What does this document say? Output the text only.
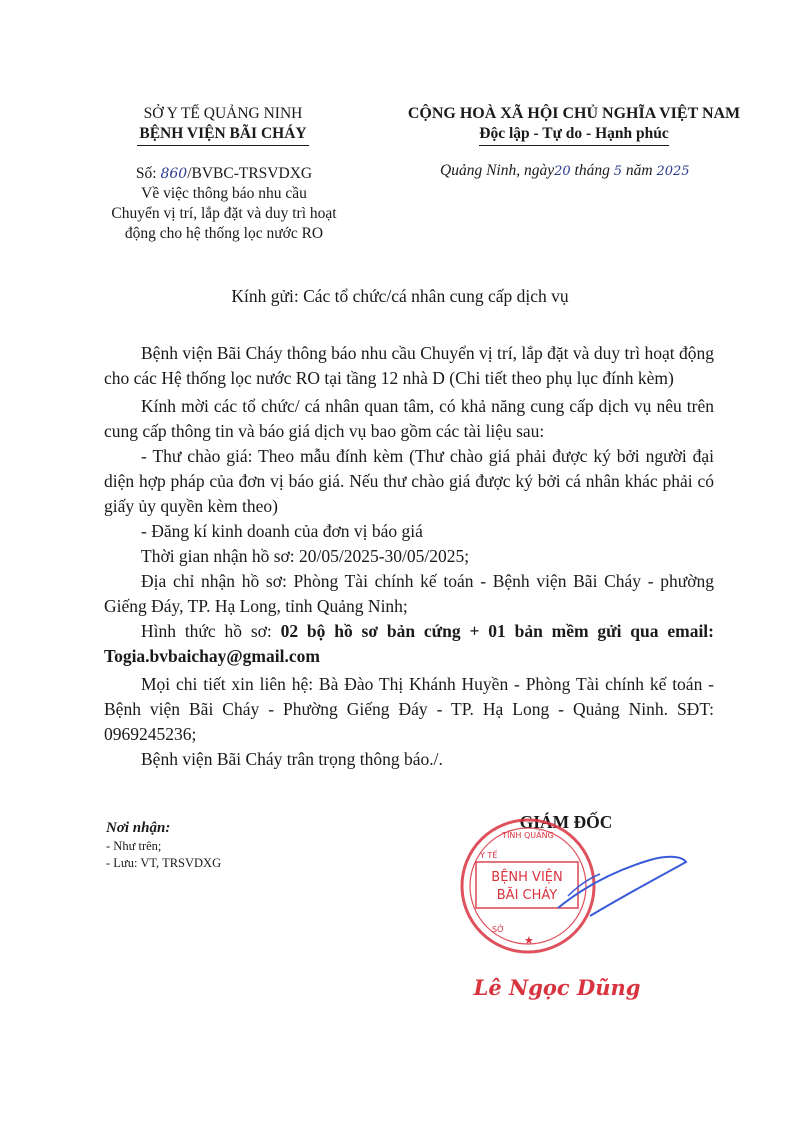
SỞ Y TẾ QUẢNG NINH
BỆNH VIỆN BÃI CHÁY
Số: 860/BVBC-TRSVDXG
Về việc thông báo nhu cầu
Chuyển vị trí, lắp đặt và duy trì hoạt
động cho hệ thống lọc nước RO
CỘNG HOÀ XÃ HỘI CHỦ NGHĨA VIỆT NAM
Độc lập - Tự do - Hạnh phúc
Quảng Ninh, ngày20 tháng 5 năm 2025
Kính gửi: Các tổ chức/cá nhân cung cấp dịch vụ

Bệnh viện Bãi Cháy thông báo nhu cầu Chuyển vị trí, lắp đặt và duy trì hoạt động cho các Hệ thống lọc nước RO tại tầng 12 nhà D (Chi tiết theo phụ lục đính kèm)

Kính mời các tổ chức/ cá nhân quan tâm, có khả năng cung cấp dịch vụ nêu trên cung cấp thông tin và báo giá dịch vụ bao gồm các tài liệu sau:

- Thư chào giá: Theo mẫu đính kèm (Thư chào giá phải được ký bởi người đại diện hợp pháp của đơn vị báo giá. Nếu thư chào giá được ký bởi cá nhân khác phải có giấy ủy quyền kèm theo)

- Đăng kí kinh doanh của đơn vị báo giá

Thời gian nhận hồ sơ: 20/05/2025-30/05/2025;

Địa chỉ nhận hồ sơ: Phòng Tài chính kế toán - Bệnh viện Bãi Cháy - phường Giếng Đáy, TP. Hạ Long, tỉnh Quảng Ninh;

Hình thức hồ sơ: 02 bộ hồ sơ bản cứng + 01 bản mềm gửi qua email: Togia.bvbaichay@gmail.com

Mọi chi tiết xin liên hệ: Bà Đào Thị Khánh Huyền - Phòng Tài chính kế toán - Bệnh viện Bãi Cháy - Phường Giếng Đáy - TP. Hạ Long - Quảng Ninh. SĐT: 0969245236;

Bệnh viện Bãi Cháy trân trọng thông báo./.

Nơi nhận:
- Như trên;
- Lưu: VT, TRSVDXG
GIÁM ĐỐC
BỆNH VIỆN
BÃI CHÁY
TỈNH QUẢNG
Y TẾ
SỞ
★
Lê Ngọc Dũng
